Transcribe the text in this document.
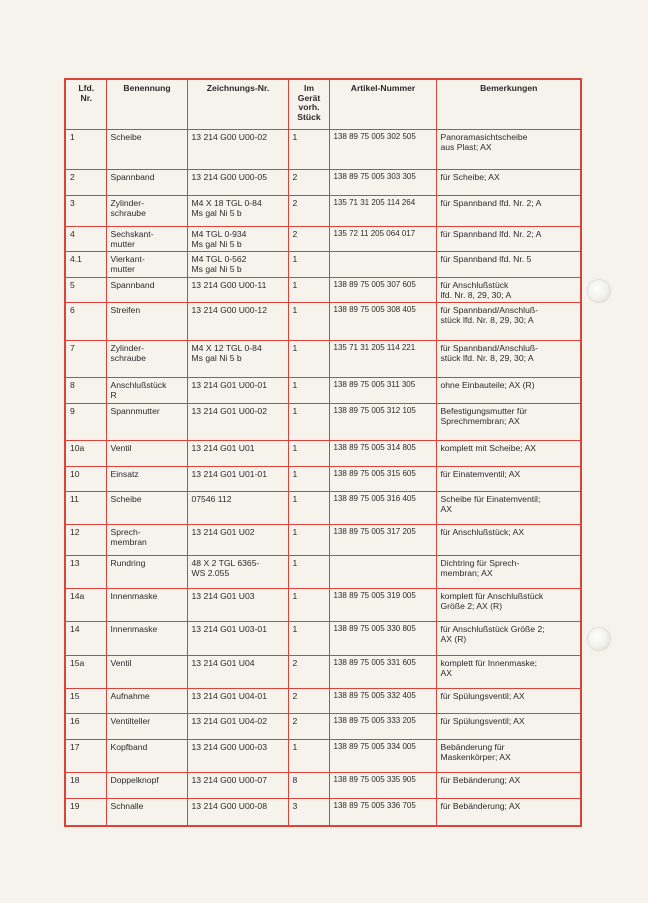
Lfd.
Nr.	Benennung	Zeichnungs-Nr.	Im
Gerät
vorh.
Stück	Artikel-Nummer	Bemerkungen
1	Scheibe	13 214 G00 U00-02	1	138 89 75 005 302 505	Panoramasichtscheibe
aus Plast; AX
2	Spannband	13 214 G00 U00-05	2	138 89 75 005 303 305	für Scheibe; AX
3	Zylinder-
schraube	M4 X 18 TGL 0-84
Ms gal Ni 5 b	2	135 71 31 205 114 264	für Spannband lfd. Nr. 2; A
4	Sechskant-
mutter	M4 TGL 0-934
Ms gal Ni 5 b	2	135 72 11 205 064 017	für Spannband lfd. Nr. 2; A
4.1	Vierkant-
mutter	M4 TGL 0-562
Ms gal Ni 5 b	1		für Spannband lfd. Nr. 5
5	Spannband	13 214 G00 U00-11	1	138 89 75 005 307 605	für Anschlußstück
lfd. Nr. 8, 29, 30; A
6	Streifen	13 214 G00 U00-12	1	138 89 75 005 308 405	für Spannband/Anschluß-
stück lfd. Nr. 8, 29, 30; A
7	Zylinder-
schraube	M4 X 12 TGL 0-84
Ms gal Ni 5 b	1	135 71 31 205 114 221	für Spannband/Anschluß-
stück lfd. Nr. 8, 29, 30; A
8	Anschlußstück
R	13 214 G01 U00-01	1	138 89 75 005 311 305	ohne Einbauteile; AX (R)
9	Spannmutter	13 214 G01 U00-02	1	138 89 75 005 312 105	Befestigungsmutter für
Sprechmembran; AX
10a	Ventil	13 214 G01 U01	1	138 89 75 005 314 805	komplett mit Scheibe; AX
10	Einsatz	13 214 G01 U01-01	1	138 89 75 005 315 605	für Einatemventil; AX
11	Scheibe	07546 112	1	138 89 75 005 316 405	Scheibe für Einatemventil;
AX
12	Sprech-
membran	13 214 G01 U02	1	138 89 75 005 317 205	für Anschlußstück; AX
13	Rundring	48 X 2 TGL 6365-
WS 2.055	1		Dichtring für Sprech-
membran; AX
14a	Innenmaske	13 214 G01 U03	1	138 89 75 005 319 005	komplett für Anschlußstück
Größe 2; AX (R)
14	Innenmaske	13 214 G01 U03-01	1	138 89 75 005 330 805	für Anschlußstück Größe 2;
AX (R)
15a	Ventil	13 214 G01 U04	2	138 89 75 005 331 605	komplett für Innenmaske;
AX
15	Aufnahme	13 214 G01 U04-01	2	138 89 75 005 332 405	für Spülungsventil; AX
16	Ventilteller	13 214 G01 U04-02	2	138 89 75 005 333 205	für Spülungsventil; AX
17	Kopfband	13 214 G00 U00-03	1	138 89 75 005 334 005	Bebänderung für
Maskenkörper; AX
18	Doppelknopf	13 214 G00 U00-07	8	138 89 75 005 335 905	für Bebänderung; AX
19	Schnalle	13 214 G00 U00-08	3	138 89 75 005 336 705	für Bebänderung; AX
